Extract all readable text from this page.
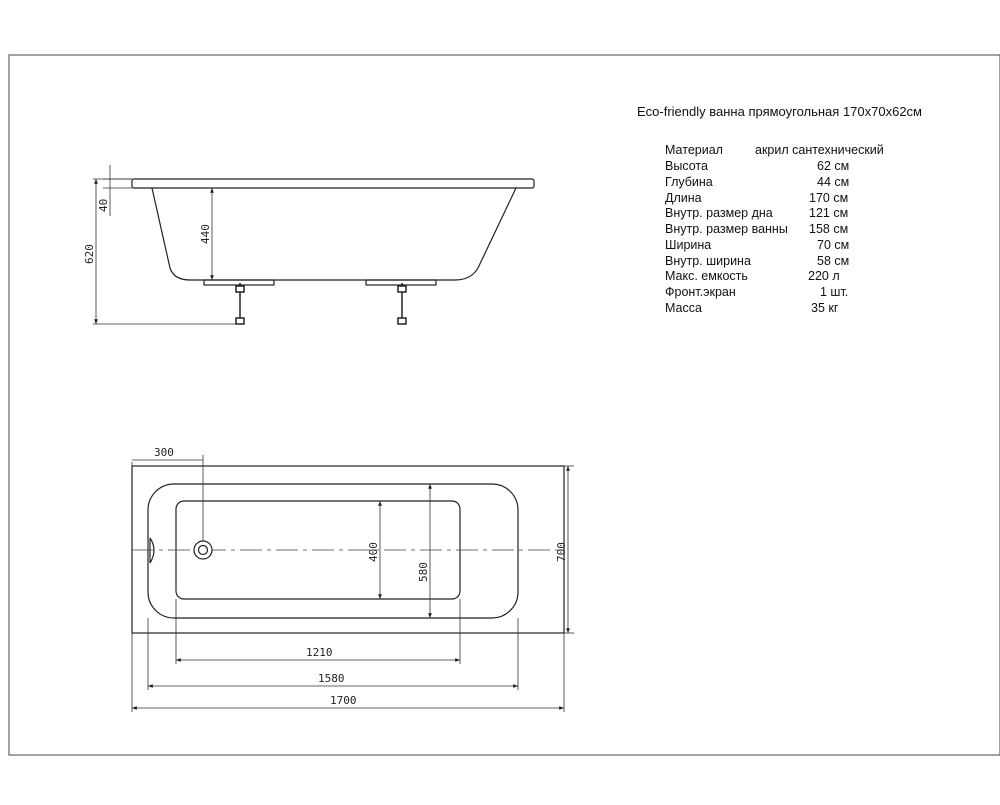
40
620
440
300
400
580
700
1210
1580
1700
Eco-friendly ванна прямоугольная 170х70х62см
Материал	акрил сантехнический
Высота	62 см
Глубина	44 см
Длина	170 см
Внутр. размер дна	121 см
Внутр. размер ванны 158 см
Ширина	70 см
Внутр. ширина	58 см
Макс. емкость	220 л
Фронт.экран	1 шт.
Масса	35 кг
